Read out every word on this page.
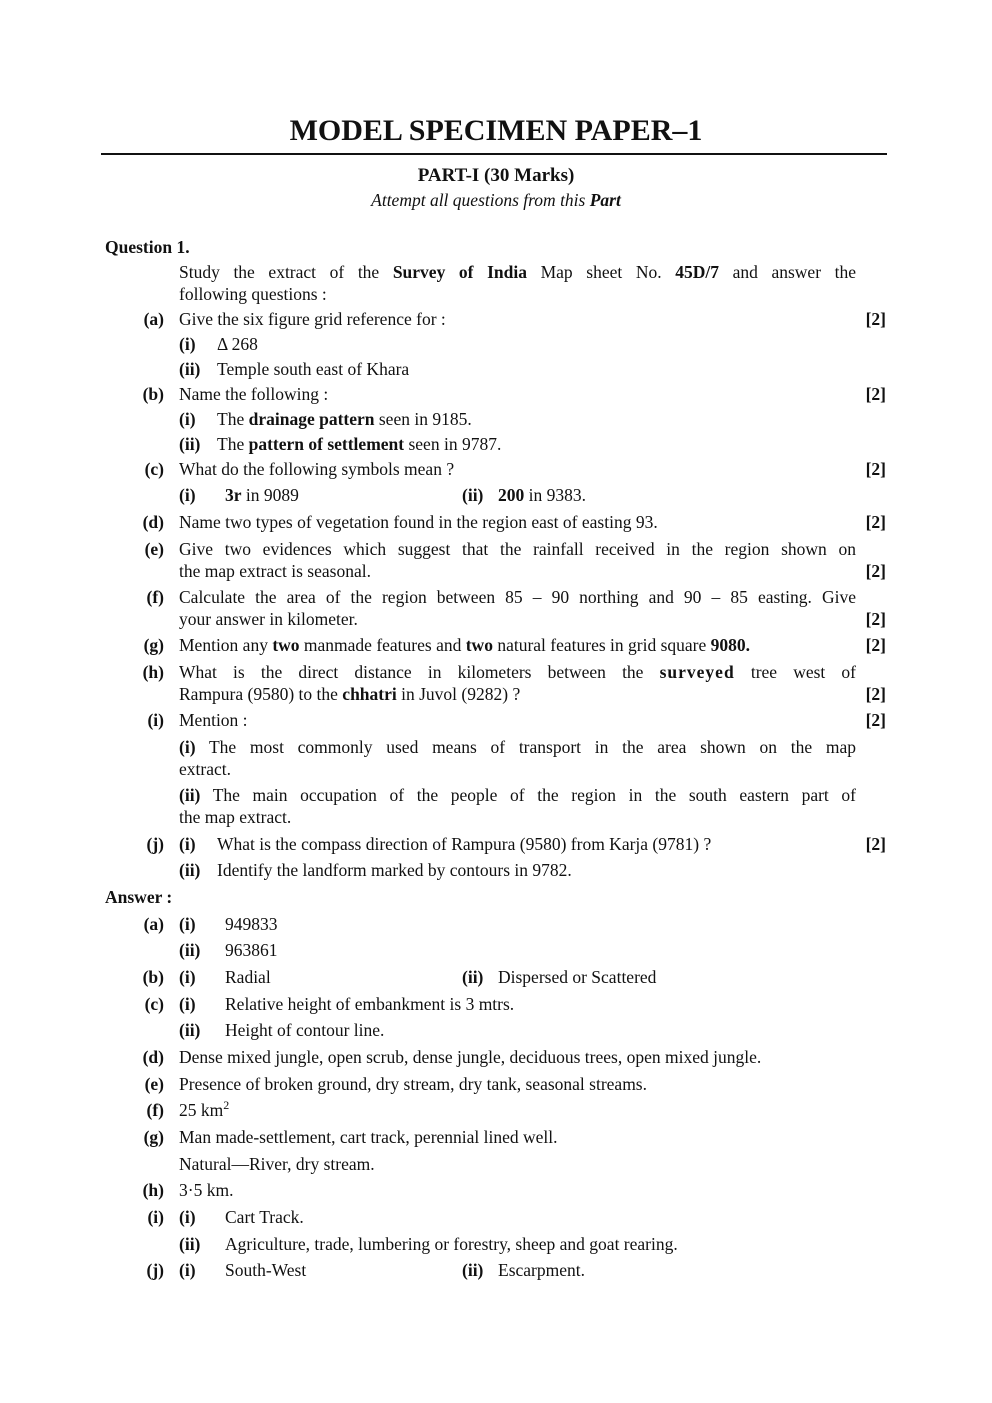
MODEL SPECIMEN PAPER–1
PART-I (30 Marks)
Attempt all questions from this Part
Question 1.
Study the extract of the Survey of India Map sheet No. 45D/7 and answer the
following questions :
(a) Give the six figure grid reference for :	[2]
(i) Δ 268
(ii) Temple south east of Khara
(b) Name the following :	[2]
(i) The drainage pattern seen in 9185.
(ii) The pattern of settlement seen in 9787.
(c) What do the following symbols mean ?	[2]
(i) 3r in 9089	(ii) 200 in 9383.
(d) Name two types of vegetation found in the region east of easting 93.	[2]
(e) Give two evidences which suggest that the rainfall received in the region shown on
the map extract is seasonal.	[2]
(f) Calculate the area of the region between 85 – 90 northing and 90 – 85 easting. Give
your answer in kilometer.	[2]
(g) Mention any two manmade features and two natural features in grid square 9080.	[2]
(h) What is the direct distance in kilometers between the surveyed tree west of
Rampura (9580) to the chhatri in Juvol (9282) ?	[2]
(i) Mention :	[2]
(i) The most commonly used means of transport in the area shown on the map
extract.
(ii) The main occupation of the people of the region in the south eastern part of
the map extract.
(j) (i) What is the compass direction of Rampura (9580) from Karja (9781) ?	[2]
(ii) Identify the landform marked by contours in 9782.
Answer :
(a) (i) 949833
(ii) 963861
(b) (i) Radial	(ii) Dispersed or Scattered
(c) (i) Relative height of embankment is 3 mtrs.
(ii) Height of contour line.
(d) Dense mixed jungle, open scrub, dense jungle, deciduous trees, open mixed jungle.
(e) Presence of broken ground, dry stream, dry tank, seasonal streams.
(f) 25 $km^2$
(g) Man made-settlement, cart track, perennial lined well.
Natural—River, dry stream.
(h) 3·5 km.
(i) (i) Cart Track.
(ii) Agriculture, trade, lumbering or forestry, sheep and goat rearing.
(j) (i) South-West	(ii) Escarpment.
